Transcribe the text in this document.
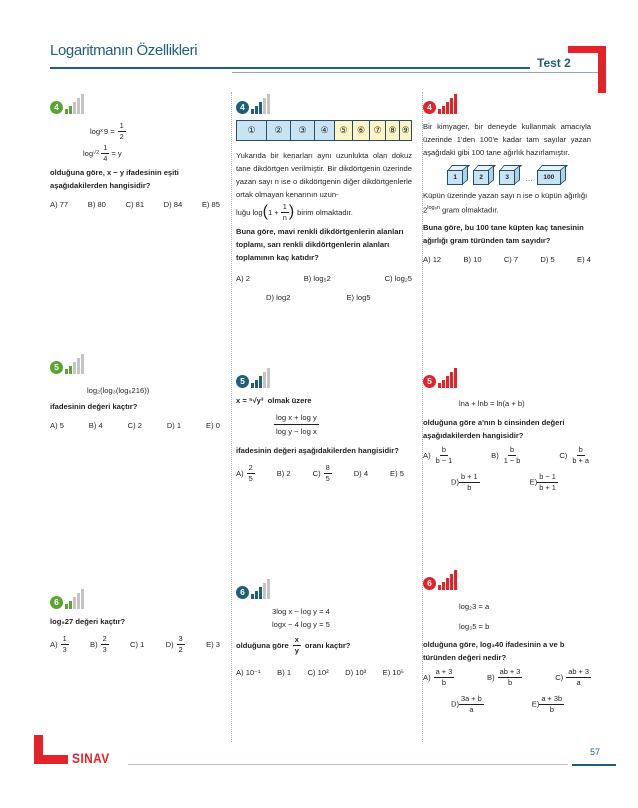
Logaritmanın Özellikleri
Test 2
4
log x $9 = \frac{1}{2}$
$\log √2 \frac{1}{4} = y$
olduğuna göre, x − y ifadesinin eşiti aşağıdakilerden hangisidir?
A) 77	B) 80	C) 81	D) 84	E) 85
4
①	②	③	④	⑤	⑥ ⑦ ⑧ ⑨
Yukarıda bir kenarları aynı uzunlukta olan dokuz tane dikdörtgen verilmiştir. Bir dikdörtgenin üzerinde yazan sayı n ise o dikdörtgenin diğer dikdörtgenlerle ortak olmayan kenarının uzun-
luğu log ( $1 + \frac{1}{n}$ ) birim olmaktadır.
Buna göre, mavi renkli dikdörtgenlerin alanları toplamı, sarı renkli dikdörtgenlerin alanları toplamının kaç katıdır?
A) 2	B) log₅2	C) log₂5
D) log2	E) log5
4
Bir kimyager, bir deneyde kullanmak amacıyla üzerinde 1'den 100'e kadar tam sayılar yazan aşağıdaki gibi 100 tane ağırlık hazırlamıştır.
1	2	3	…	100
Küpün üzerinde yazan sayı n ise o küpün ağırlığı $2^{log_8n}$ gram olmaktadır.
Buna göre, bu 100 tane küpten kaç tanesinin ağırlığı gram türünden tam sayıdır?
A) 12	B) 10	C) 7	D) 5	E) 4
5
log₂(log₃(log₆216))
ifadesinin değeri kaçtır?
A) 5	B) 4	C) 2	D) 1	E) 0
5
x = ⁵√y³ olmak üzere
$\frac{\text{log x + log y}}{\text{log y − log x}}$
ifadesinin değeri aşağıdakilerden hangisidir?
$A) \frac{2}{5}$	B) 2	$C) \frac{8}{5}$	D) 4	E) 5
5
lna + lnb = ln(a + b)
olduğuna göre a'nın b cinsinden değeri aşağıdakilerden hangisidir?
$A) \frac{b}{b - 1}$	$B) \frac{b}{1 - b}$	$C) \frac{b}{b + a}$
$D) \frac{b + 1}{b}$	$E) \frac{b - 1}{b + 1}$
6
log₉27 değeri kaçtır?
$A) \frac{1}{3}$	$B) \frac{2}{3}$	C) 1	$D) \frac{3}{2}$	E) 3
6
3log x − log y = 4
logx − 4 log y = 5
olduğuna göre $\frac{x}{y}$ oranı kaçtır?
A) 10⁻¹ B) 1 C) 10² D) 10³ E) 10⁵
6
log₂3 = a
log₃5 = b
olduğuna göre, log₃40 ifadesinin a ve b türünden değeri nedir?
$A) \frac{a + 3}{b}$	$B) \frac{ab + 3}{b}$	$C) \frac{ab + 3}{a}$
$D) \frac{3a + b}{a}$	$E) \frac{a + 3b}{b}$
SINAV	57
